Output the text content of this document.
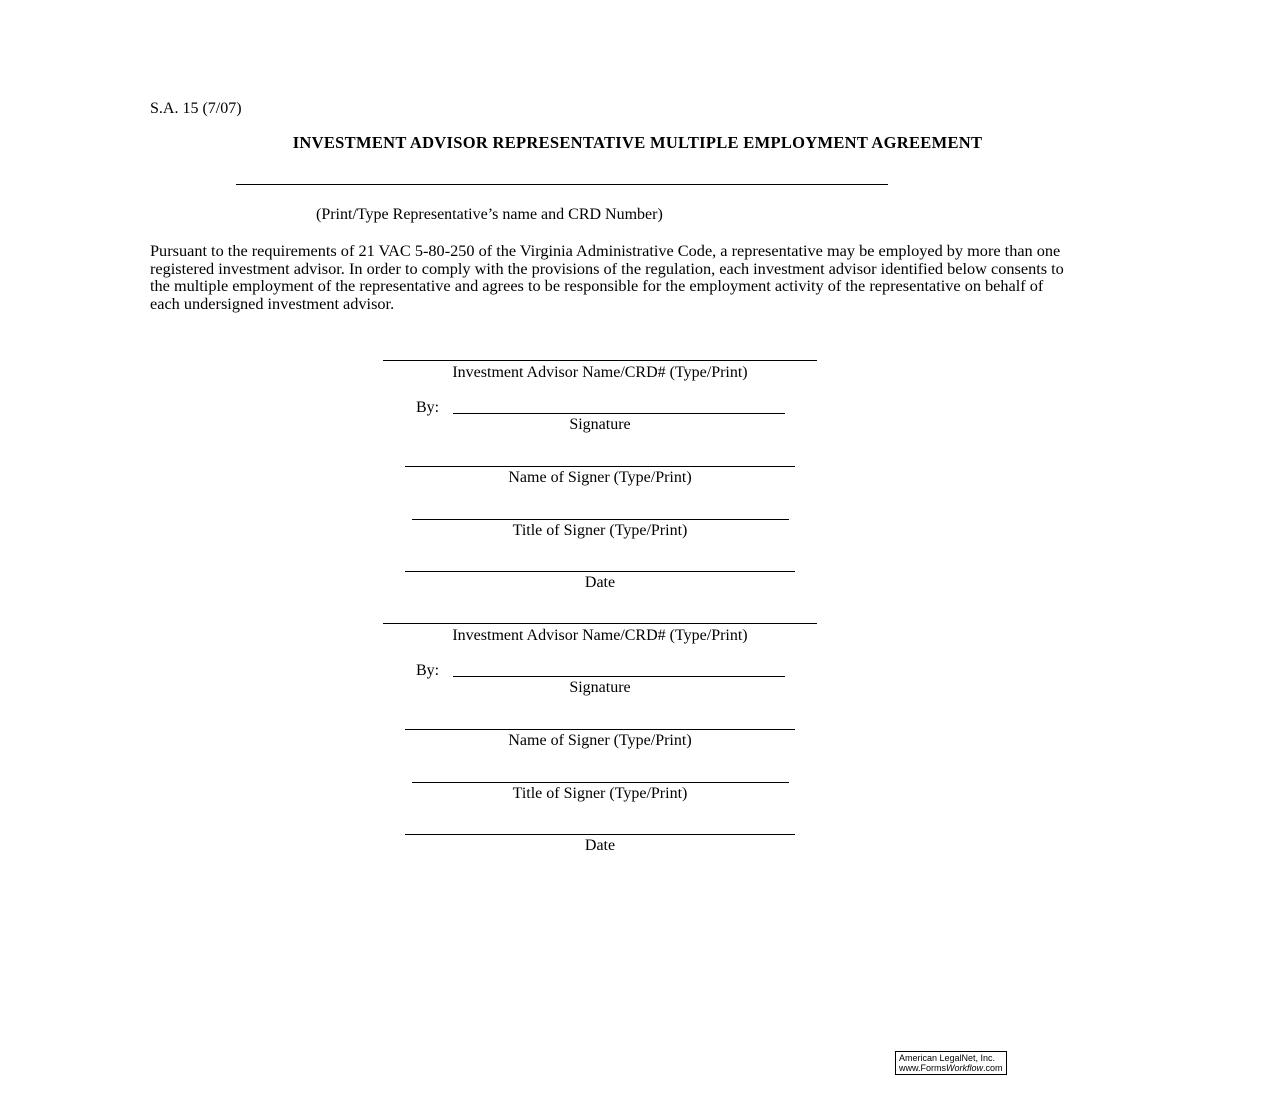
S.A. 15 (7/07)
INVESTMENT ADVISOR REPRESENTATIVE MULTIPLE EMPLOYMENT AGREEMENT
(Print/Type Representative’s name and CRD Number)
Pursuant to the requirements of 21 VAC 5-80-250 of the Virginia Administrative Code, a representative may be employed by more than one registered investment advisor. In order to comply with the provisions of the regulation, each investment advisor identified below consents to the multiple employment of the representative and agrees to be responsible for the employment activity of the representative on behalf of each undersigned investment advisor.
Investment Advisor Name/CRD# (Type/Print)
By:
Signature
Name of Signer (Type/Print)
Title of Signer (Type/Print)
Date
Investment Advisor Name/CRD# (Type/Print)
By:
Signature
Name of Signer (Type/Print)
Title of Signer (Type/Print)
Date
American LegalNet, Inc.
www.FormsWorkflow.com
